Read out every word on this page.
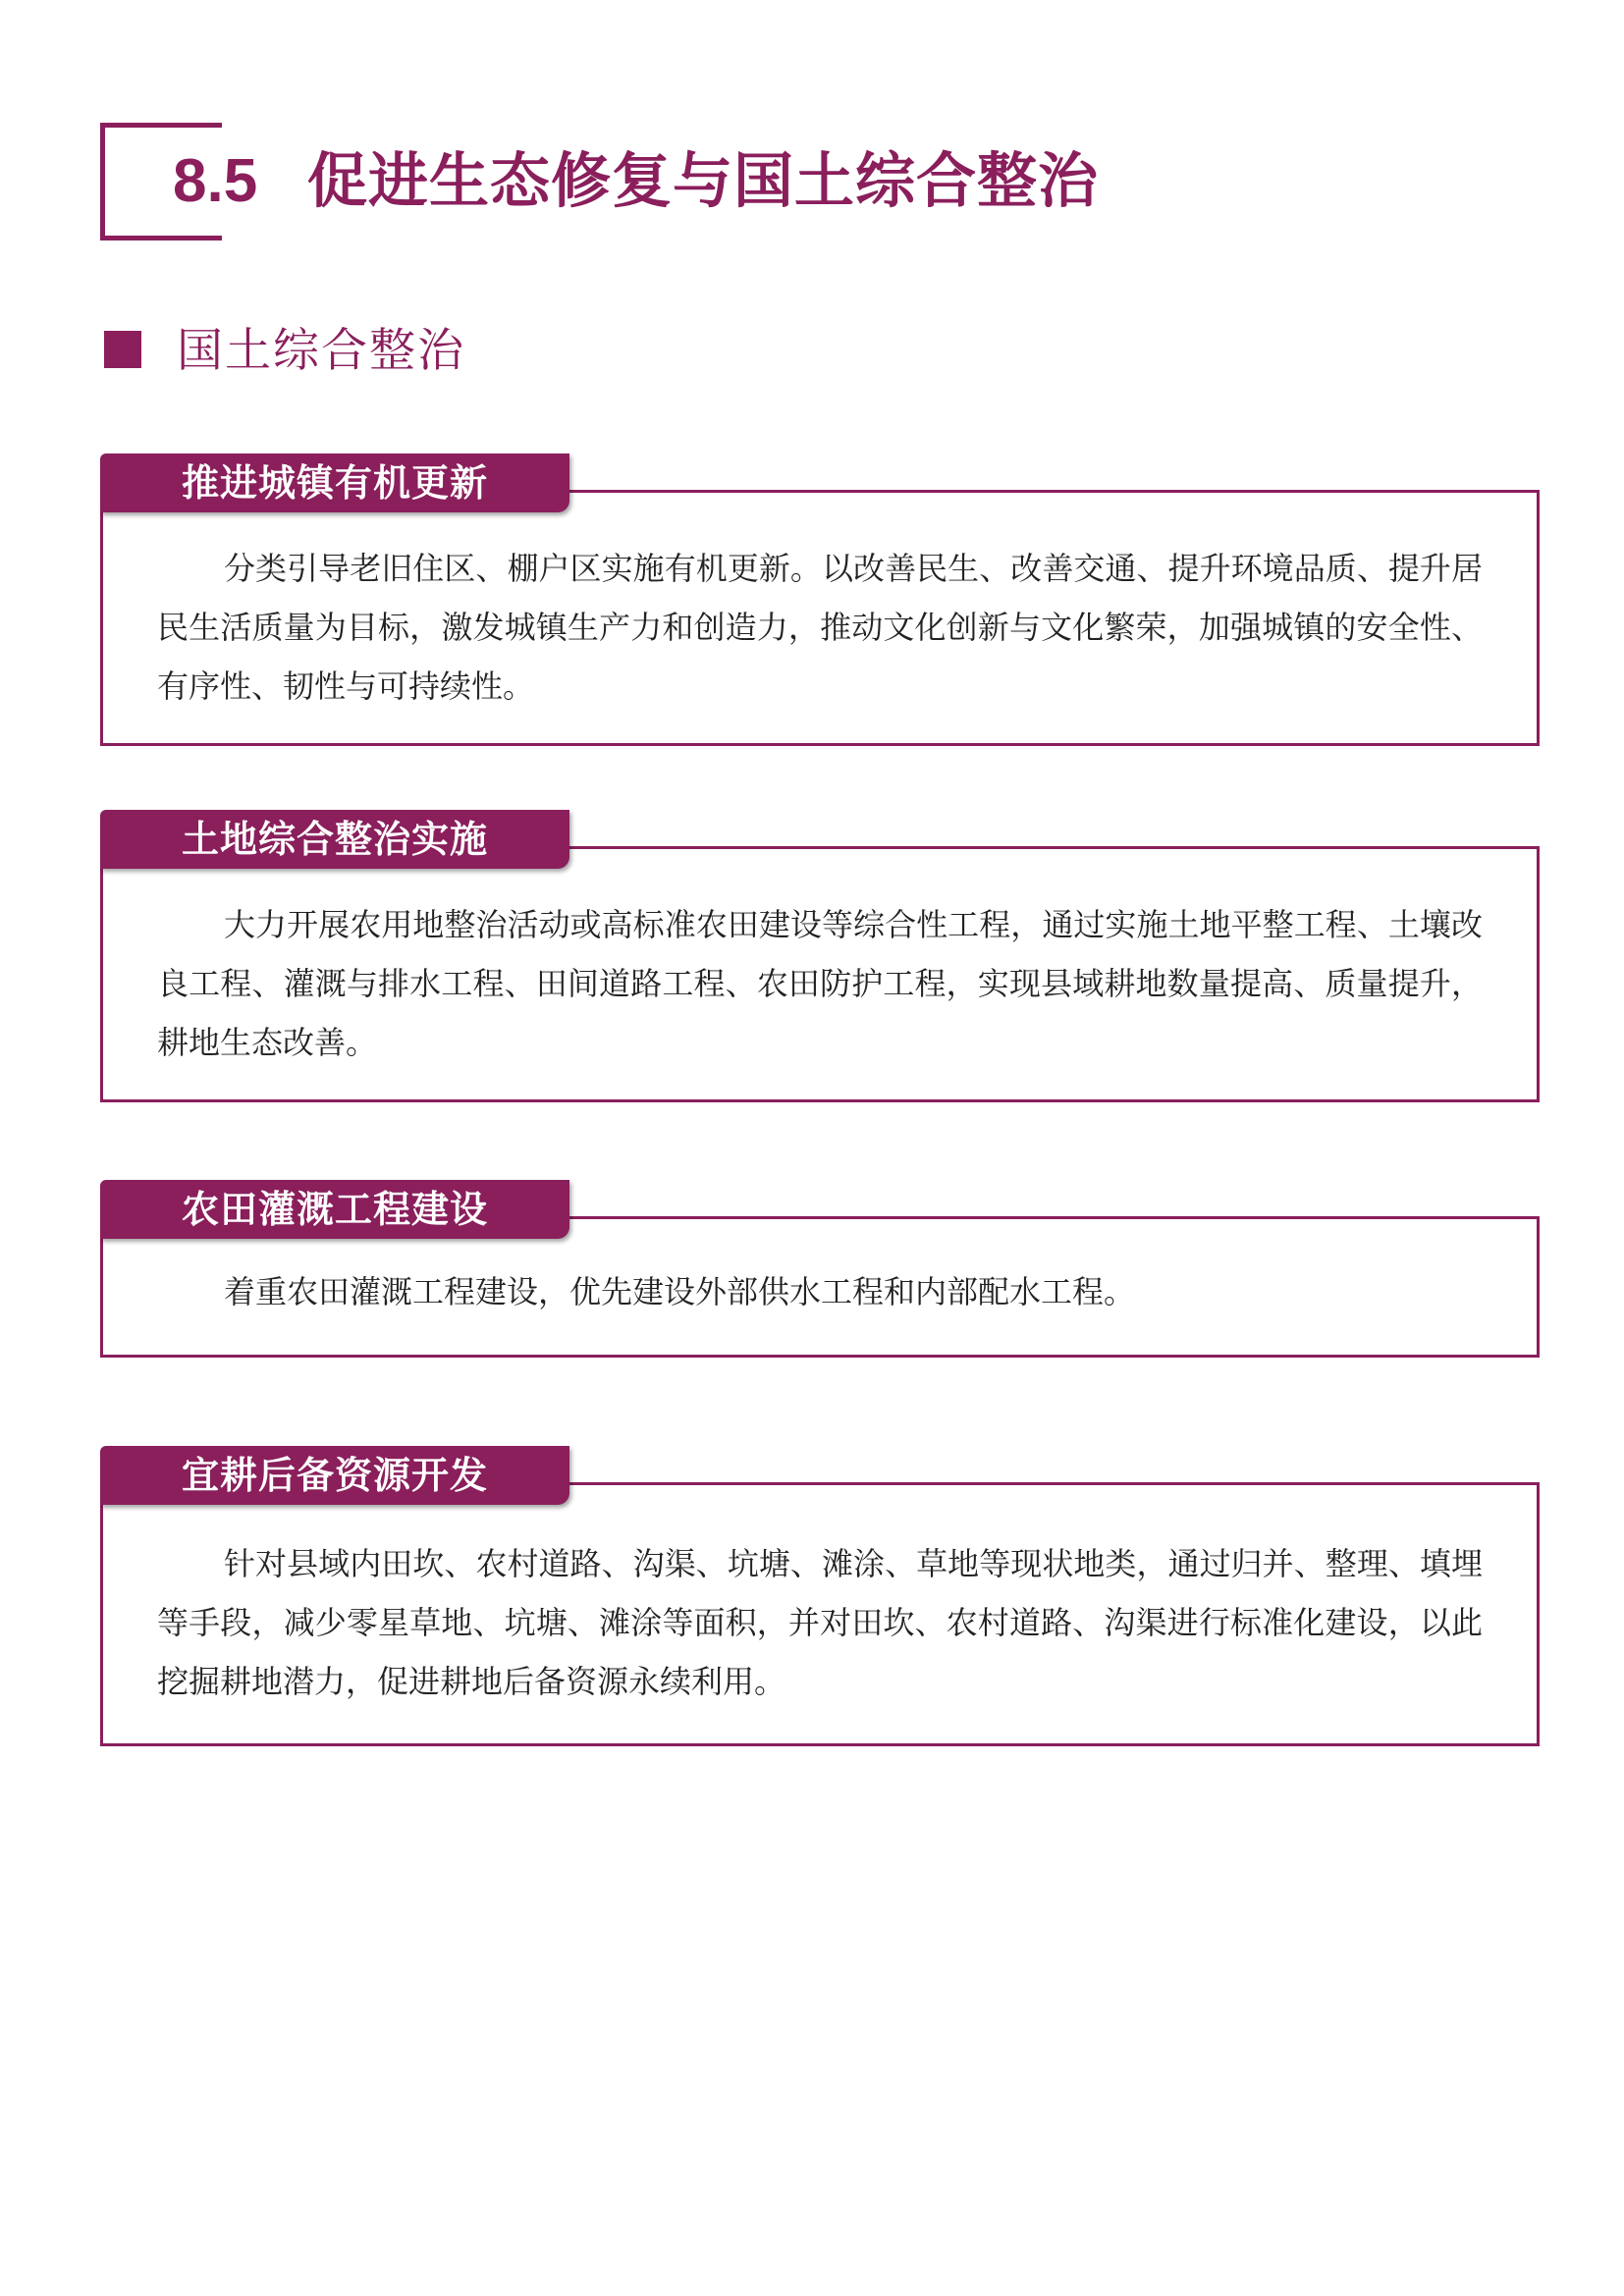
8.5 促进生态修复与国土综合整治
国土综合整治
推进城镇有机更新

分类引导老旧住区、棚户区实施有机更新。以改善民生、改善交通、提升环境品质、提升居民生活质量为目标，激发城镇生产力和创造力，推动文化创新与文化繁荣，加强城镇的安全性、有序性、韧性与可持续性。

土地综合整治实施

大力开展农用地整治活动或高标准农田建设等综合性工程，通过实施土地平整工程、土壤改良工程、灌溉与排水工程、田间道路工程、农田防护工程，实现县域耕地数量提高、质量提升，耕地生态改善。

农田灌溉工程建设

着重农田灌溉工程建设，优先建设外部供水工程和内部配水工程。

宜耕后备资源开发

针对县域内田坎、农村道路、沟渠、坑塘、滩涂、草地等现状地类，通过归并、整理、填埋等手段，减少零星草地、坑塘、滩涂等面积，并对田坎、农村道路、沟渠进行标准化建设，以此挖掘耕地潜力，促进耕地后备资源永续利用。
